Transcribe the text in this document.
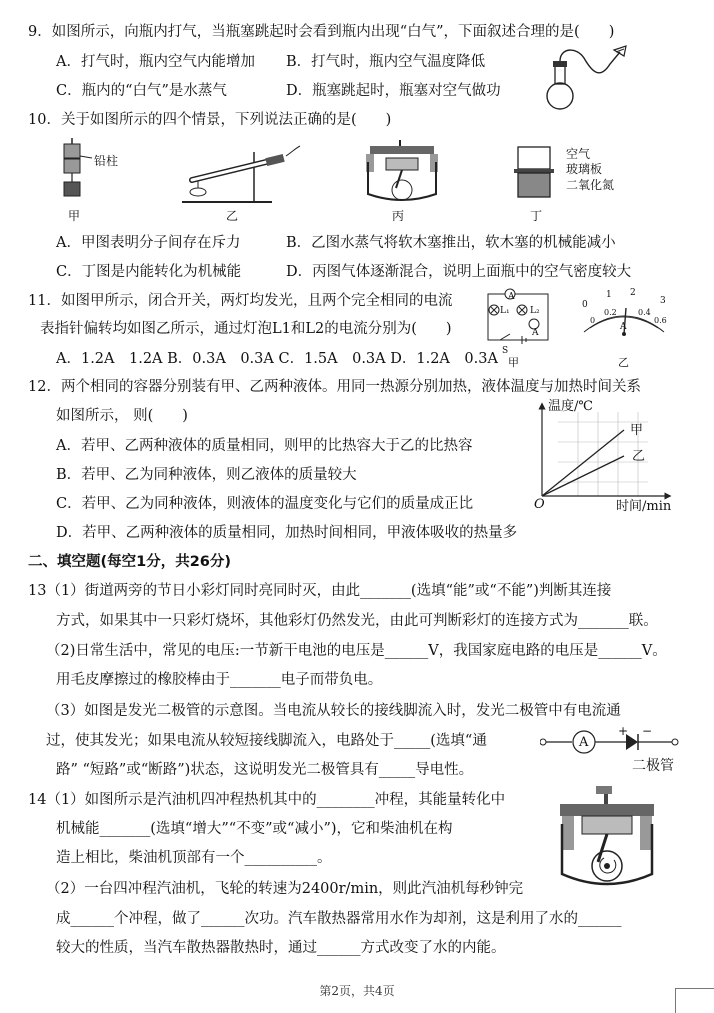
9．如图所示，向瓶内打气，当瓶塞跳起时会看到瓶内出现“白气”，下面叙述合理的是(　　)
A．打气时，瓶内空气内能增加 B．打气时，瓶内空气温度降低
C．瓶内的“白气”是水蒸气	D．瓶塞跳起时，瓶塞对空气做功
10．关于如图所示的四个情景，下列说法正确的是(　　)
铅柱
甲	乙	丙
空气
玻璃板
二氧化氮
丁
A．甲图表明分子间存在斥力	B．乙图水蒸气将软木塞推出，软木塞的机械能减小
C．丁图是内能转化为机械能	D．丙图气体逐渐混合，说明上面瓶中的空气密度较大
11．如图甲所示，闭合开关，两灯均发光，且两个完全相同的电流
表指针偏转均如图乙所示，通过灯泡L1和L2的电流分别为(　　)
A．1.2A　1.2A B．0.3A　0.3A C．1.5A　0.3A D．1.2A　0.3A
A
A
L₁ L₂
S
甲
0
1 2
3
0
0.2	0.4
0.6
A
乙
12．两个相同的容器分别装有甲、乙两种液体。用同一热源分别加热，液体温度与加热时间关系
如图所示， 则(　　)
A．若甲、乙两种液体的质量相同，则甲的比热容大于乙的比热容
B．若甲、乙为同种液体，则乙液体的质量较大
C．若甲、乙为同种液体，则液体的温度变化与它们的质量成正比
D．若甲、乙两种液体的质量相同，加热时间相同，甲液体吸收的热量多
温度/℃
甲
乙
O	时间/min
二、填空题(每空1分，共26分)
13（1）街道两旁的节日小彩灯同时亮同时灭，由此_______(选填“能”或“不能”)判断其连接
方式，如果其中一只彩灯烧坏，其他彩灯仍然发光，由此可判断彩灯的连接方式为_______联。
（2)日常生活中，常见的电压:一节新干电池的电压是______V，我国家庭电路的电压是______V。
用毛皮摩擦过的橡胶棒由于_______电子而带负电。
（3）如图是发光二极管的示意图。当电流从较长的接线脚流入时，发光二极管中有电流通
过，使其发光；如果电流从较短接线脚流入，电路处于_____(选填“通
路” “短路”或“断路”)状态，这说明发光二极管具有_____导电性。
A
+ −
二极管
14（1）如图所示是汽油机四冲程热机其中的________冲程，其能量转化中
机械能_______(选填“增大”“不变”或“减小”)，它和柴油机在构
造上相比，柴油机顶部有一个__________。
（2）一台四冲程汽油机，飞轮的转速为2400r/min，则此汽油机每秒钟完
成______个冲程，做了______次功。汽车散热器常用水作为却剂，这是利用了水的______
较大的性质，当汽车散热器散热时，通过______方式改变了水的内能。
第2页，共4页
